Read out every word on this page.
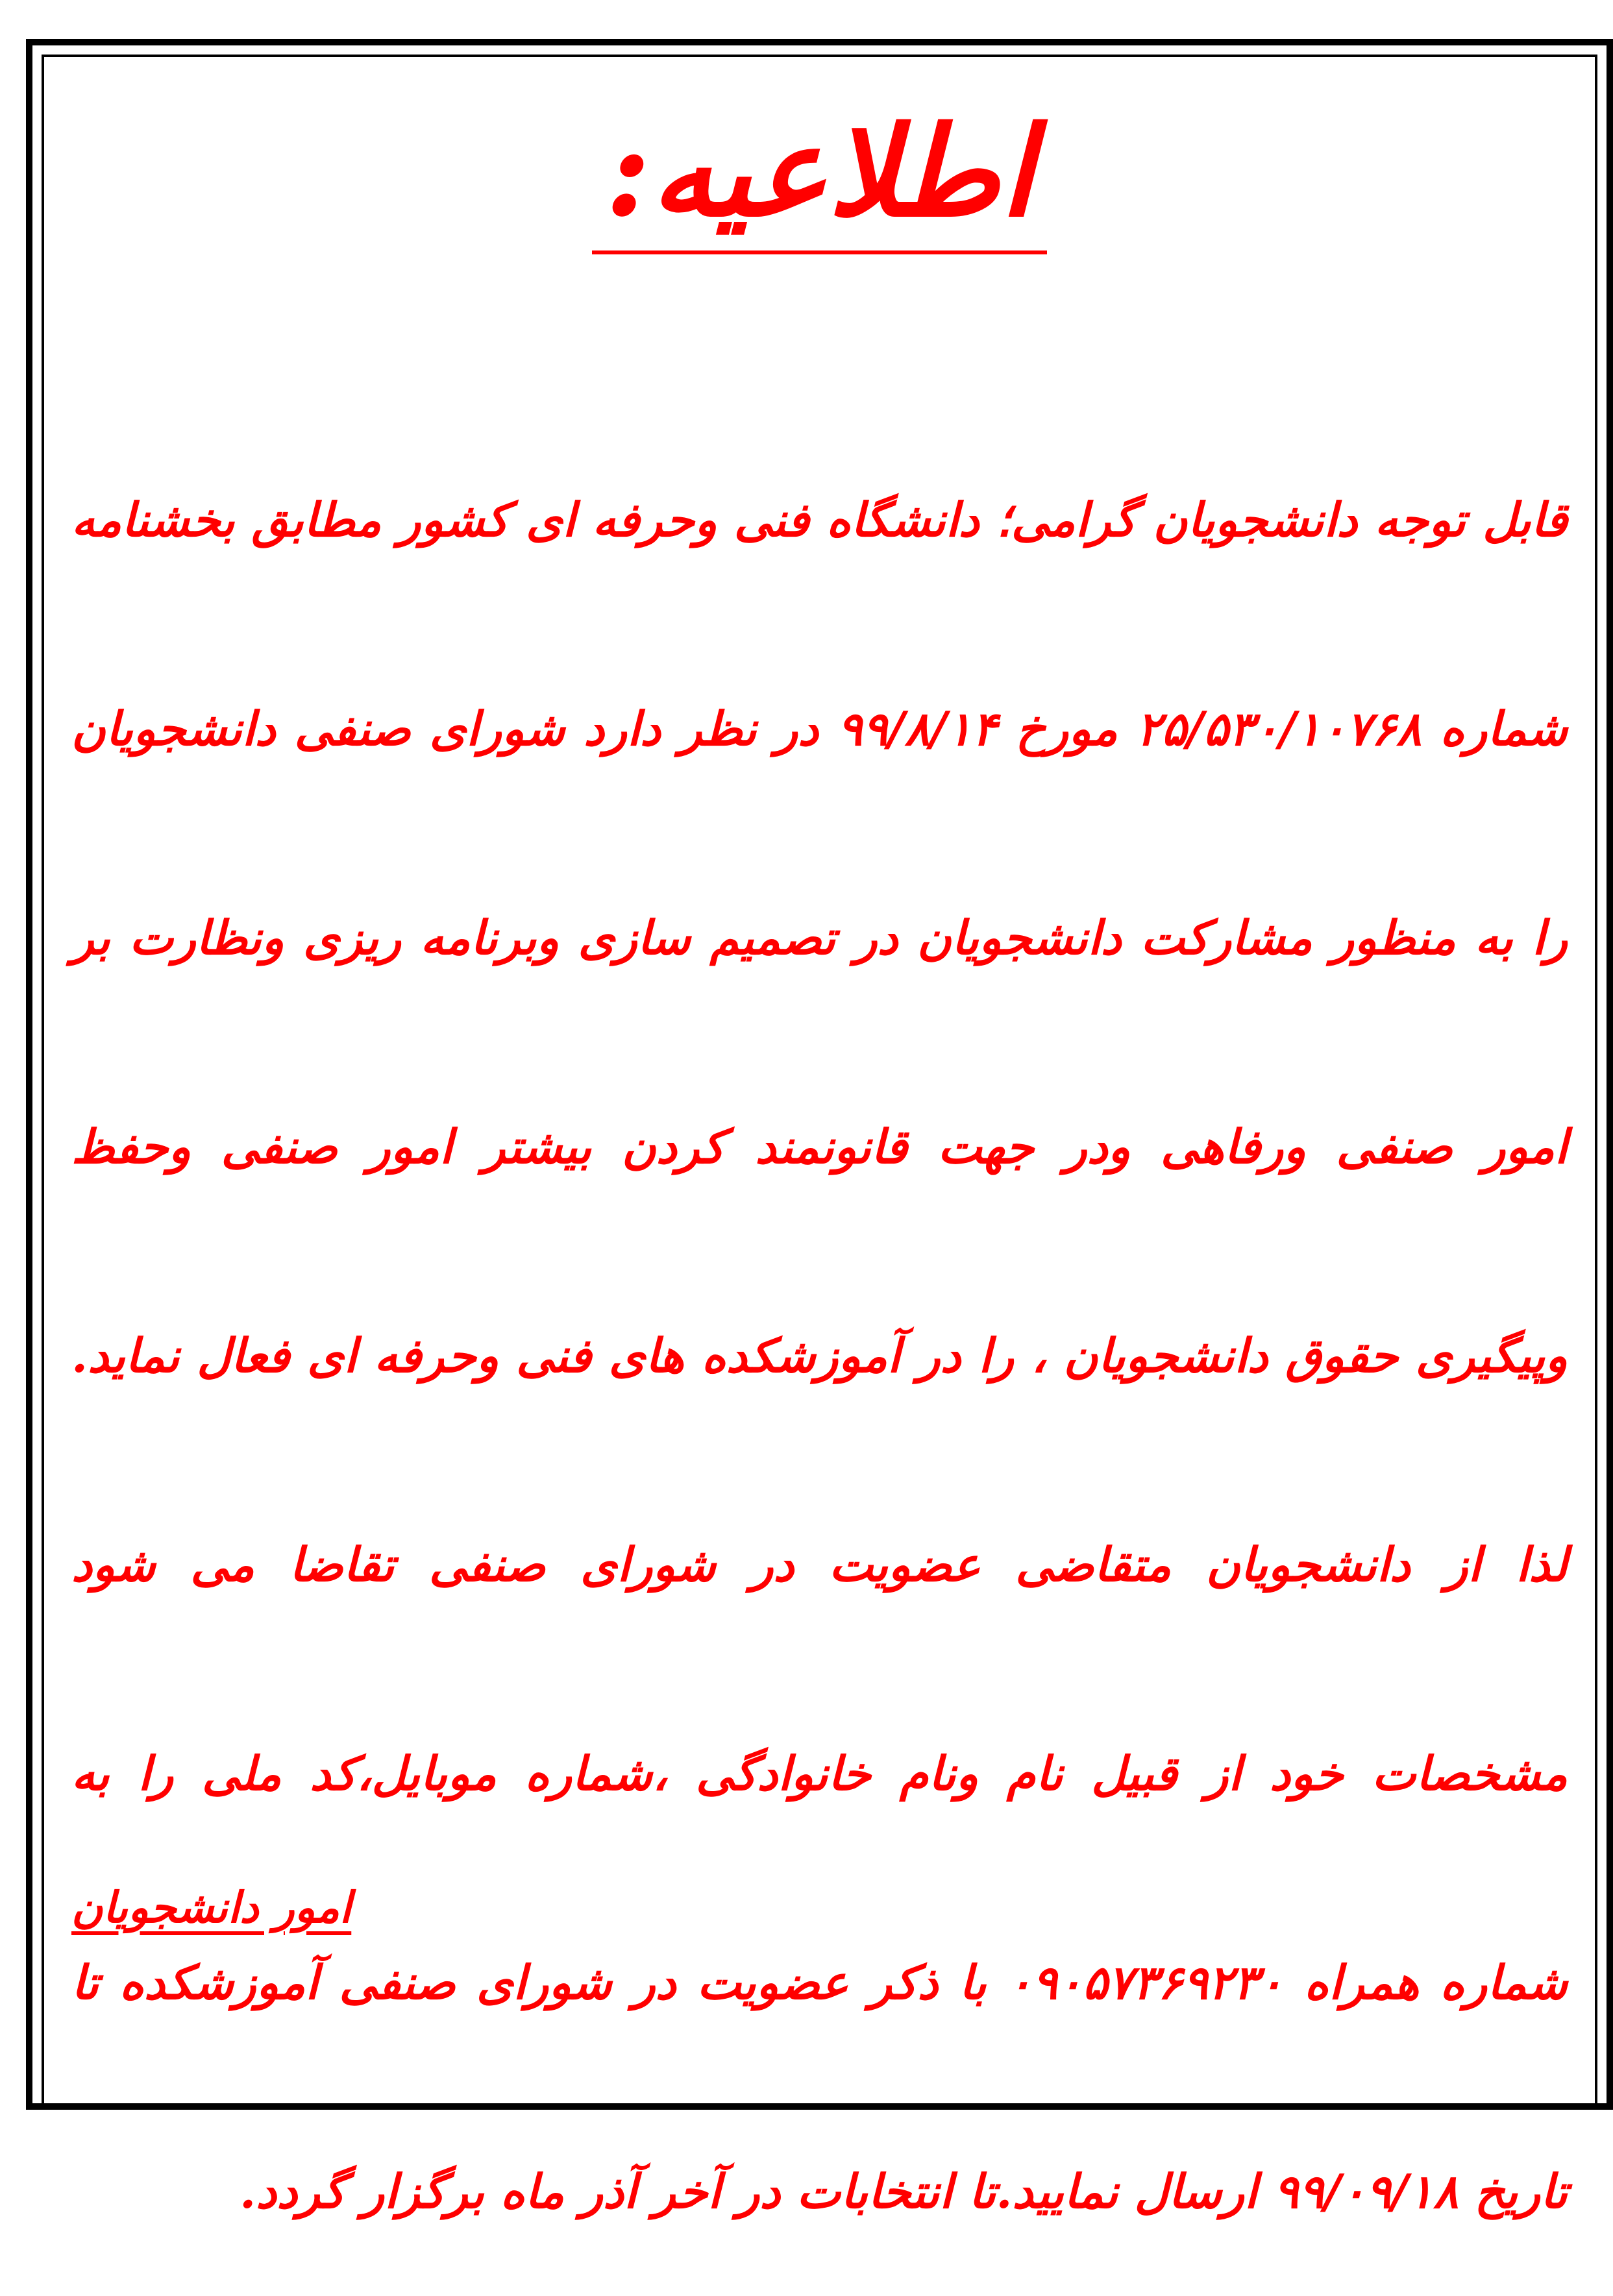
اطلاعیه:

قابل توجه دانشجویان گرامی؛ دانشگاه فنی وحرفه ای کشور مطابق بخشنامه شماره ۲۵/۵۳۰/۱۰۷۶۸ مورخ ۹۹/۸/۱۴ در نظر دارد شورای صنفی دانشجویان را به منظور مشارکت دانشجویان در تصمیم سازی وبرنامه ریزی ونظارت بر امور صنفی ورفاهی ودر جهت قانونمند کردن بیشتر امور صنفی وحفظ وپیگیری حقوق دانشجویان ، را در آموزشکده های فنی وحرفه ای فعال نماید. لذا از دانشجویان متقاضی عضویت در شورای صنفی تقاضا می شود مشخصات خود از قبیل نام ونام خانوادگی ،شماره موبایل،کد ملی را به شماره همراه ۰۹۰۵۷۳۶۹۲۳۰ با ذکر عضویت در شورای صنفی آموزشکده تا تاریخ ۹۹/۰۹/۱۸ ارسال نمایید.تا انتخابات در آخر آذر ماه برگزار گردد.

امور دانشجویان
